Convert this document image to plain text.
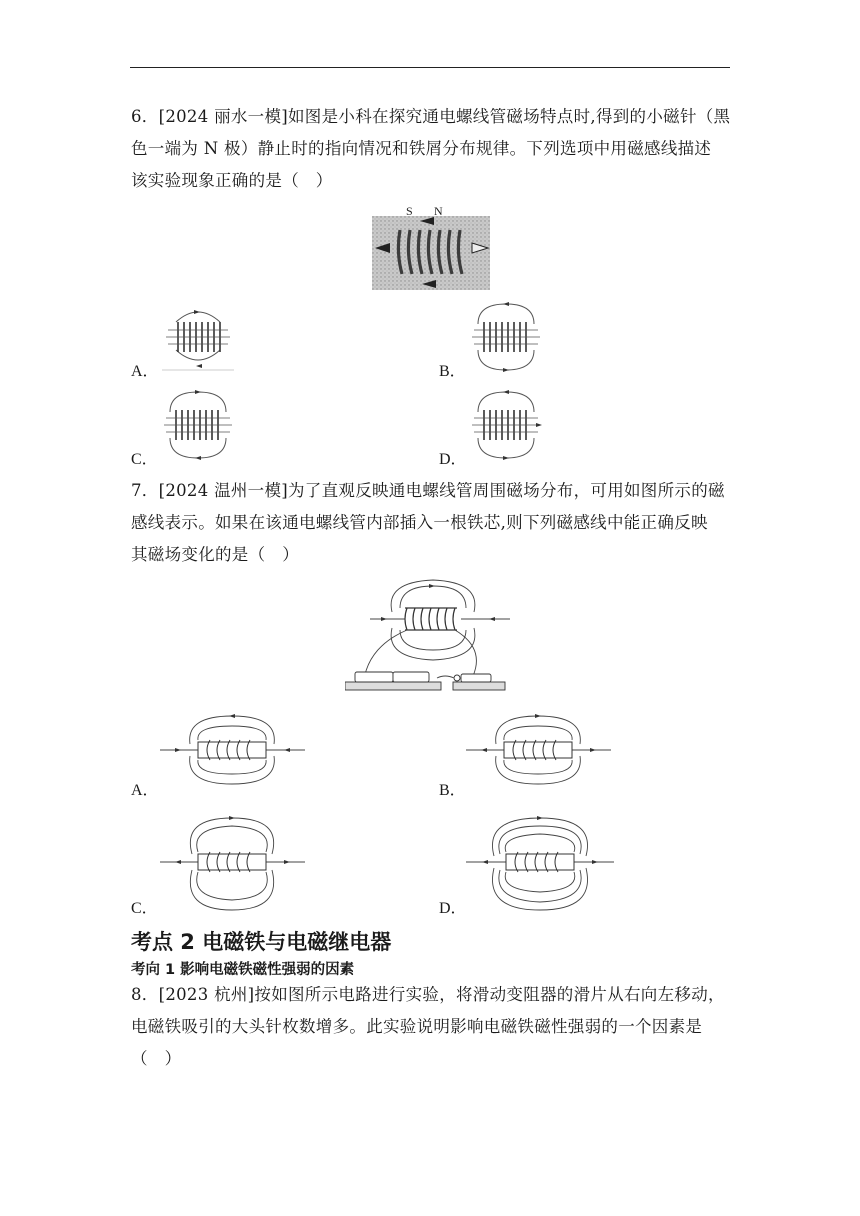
6．[2024 丽水一模]如图是小科在探究通电螺线管磁场特点时,得到的小磁针（黑
色一端为 N 极）静止时的指向情况和铁屑分布规律。下列选项中用磁感线描述
该实验现象正确的是（　）
S N
A．	B．
C．	D．
7．[2024 温州一模]为了直观反映通电螺线管周围磁场分布，可用如图所示的磁
感线表示。如果在该通电螺线管内部插入一根铁芯,则下列磁感线中能正确反映
其磁场变化的是（　）
A．	B．
C．	D．
考点 2 电磁铁与电磁继电器
考向 1 影响电磁铁磁性强弱的因素
8．[2023 杭州]按如图所示电路进行实验，将滑动变阻器的滑片从右向左移动，
电磁铁吸引的大头针枚数增多。此实验说明影响电磁铁磁性强弱的一个因素是
（　）
